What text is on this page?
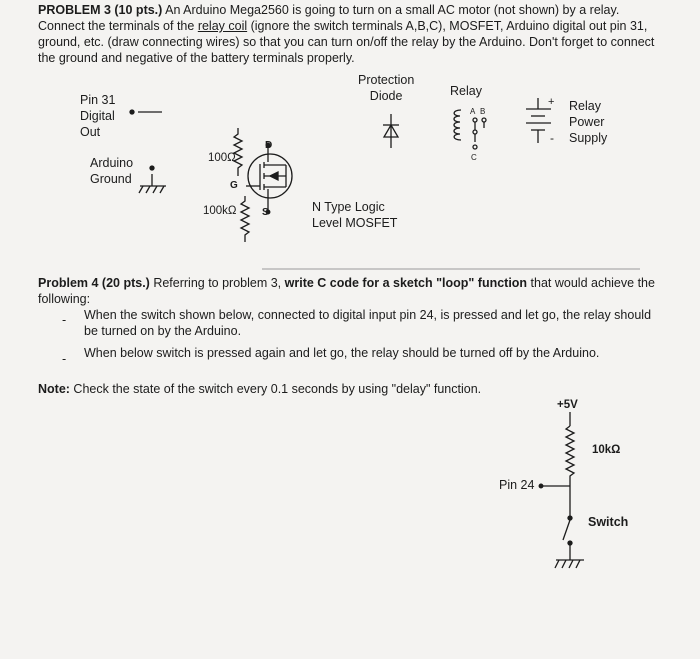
PROBLEM 3 (10 pts.) An Arduino Mega2560 is going to turn on a small AC motor (not shown) by a relay. Connect the terminals of the relay coil (ignore the switch terminals A,B,C), MOSFET, Arduino digital out pin 31, ground, etc. (draw connecting wires) so that you can turn on/off the relay by the Arduino. Don't forget to connect the ground and negative of the battery terminals properly.

Pin 31
Digital
Out
Arduino
Ground
100Ω
100kΩ
D
G
S	N Type Logic
Level MOSFET
Protection
Diode	Relay
A B
C
+
-
Relay
Power
Supply

Problem 4 (20 pts.) Referring to problem 3, write C code for a sketch "loop" function that would achieve the following:

- When the switch shown below, connected to digital input pin 24, is pressed and let go, the relay should be turned on by the Arduino.

- When below switch is pressed again and let go, the relay should be turned off by the Arduino.

Note: Check the state of the switch every 0.1 seconds by using "delay" function.

+5V
10kΩ
Pin 24
Switch
